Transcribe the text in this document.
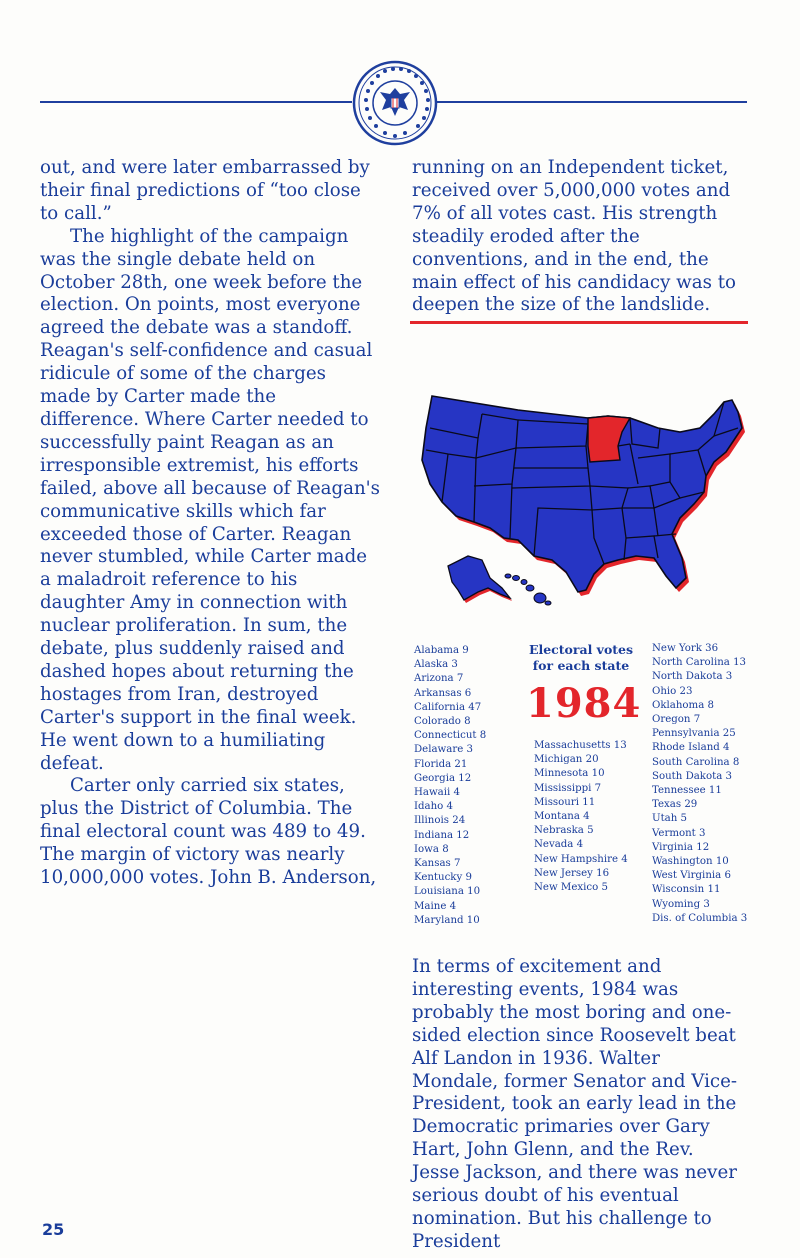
out, and were later embarrassed by their final predictions of “too close to call.”

The highlight of the campaign was the single debate held on October 28th, one week before the election. On points, most everyone agreed the debate was a standoff. Reagan's self-confidence and casual ridicule of some of the charges made by Carter made the difference. Where Carter needed to successfully paint Reagan as an irresponsible extremist, his efforts failed, above all because of Reagan's communicative skills which far exceeded those of Carter. Reagan never stumbled, while Carter made a maladroit reference to his daughter Amy in connection with nuclear proliferation. In sum, the debate, plus suddenly raised and dashed hopes about returning the hostages from Iran, destroyed Carter's support in the final week. He went down to a humiliating defeat.

Carter only carried six states, plus the District of Columbia. The final electoral count was 489 to 49.

The margin of victory was nearly 10,000,000 votes. John B. Anderson,

running on an Independent ticket, received over 5,000,000 votes and 7% of all votes cast. His strength steadily eroded after the conventions, and in the end, the main effect of his candidacy was to deepen the size of the landslide.

Alabama 9
Alaska 3
Arizona 7
Arkansas 6
California 47
Colorado 8
Connecticut 8
Delaware 3
Florida 21
Georgia 12
Hawaii 4
Idaho 4
Illinois 24
Indiana 12
Iowa 8
Kansas 7
Kentucky 9
Louisiana 10
Maine 4
Maryland 10
Electoral votes
for each state
1984
Massachusetts 13
Michigan 20
Minnesota 10
Mississippi 7
Missouri 11
Montana 4
Nebraska 5
Nevada 4
New Hampshire 4
New Jersey 16
New Mexico 5
New York 36
North Carolina 13
North Dakota 3
Ohio 23
Oklahoma 8
Oregon 7
Pennsylvania 25
Rhode Island 4
South Carolina 8
South Dakota 3
Tennessee 11
Texas 29
Utah 5
Vermont 3
Virginia 12
Washington 10
West Virginia 6
Wisconsin 11
Wyoming 3
Dis. of Columbia 3

In terms of excitement and interesting events, 1984 was probably the most boring and one-sided election since Roosevelt beat Alf Landon in 1936. Walter Mondale, former Senator and Vice-President, took an early lead in the Democratic primaries over Gary Hart, John Glenn, and the Rev. Jesse Jackson, and there was never serious doubt of his eventual nomination. But his challenge to President

25
